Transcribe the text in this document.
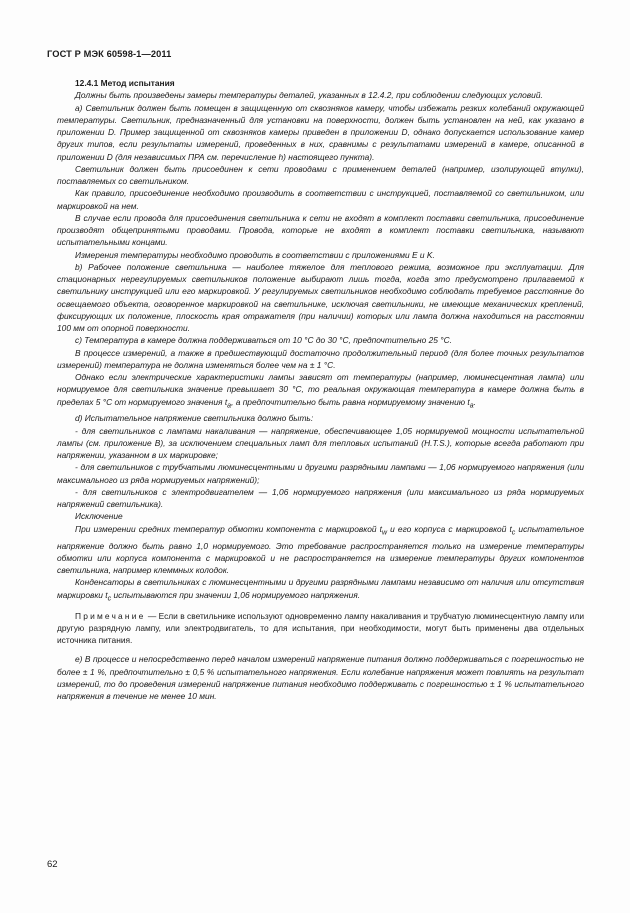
ГОСТ Р МЭК 60598-1—2011

12.4.1 Метод испытания

Должны быть произведены замеры температуры деталей, указанных в 12.4.2, при соблюдении следующих условий.

a) Светильник должен быть помещен в защищенную от сквозняков камеру, чтобы избежать резких колебаний окружающей температуры. Светильник, предназначенный для установки на поверхности, должен быть установлен на ней, как указано в приложении D. Пример защищенной от сквозняков камеры приведен в приложении D, однако допускается использование камер других типов, если результаты измерений, проведенных в них, сравнимы с результатами измерений в камере, описанной в приложении D (для независимых ПРА см. перечисление h) настоящего пункта).

Светильник должен быть присоединен к сети проводами с применением деталей (например, изолирующей втулки), поставляемых со светильником.

Как правило, присоединение необходимо производить в соответствии с инструкцией, поставляемой со светильником, или маркировкой на нем.

В случае если провода для присоединения светильника к сети не входят в комплект поставки светильника, присоединение производят общепринятыми проводами. Провода, которые не входят в комплект поставки светильника, называют испытательными концами.

Измерения температуры необходимо проводить в соответствии с приложениями E и K.

b) Рабочее положение светильника — наиболее тяжелое для теплового режима, возможное при эксплуатации. Для стационарных нерегулируемых светильников положение выбирают лишь тогда, когда это предусмотрено прилагаемой к светильнику инструкцией или его маркировкой. У регулируемых светильников необходимо соблюдать требуемое расстояние до освещаемого объекта, оговоренное маркировкой на светильнике, исключая светильники, не имеющие механических креплений, фиксирующих их положение, плоскость края отражателя (при наличии) которых или лампа должна находиться на расстоянии 100 мм от опорной поверхности.

c) Температура в камере должна поддерживаться от 10 °С до 30 °С, предпочтительно 25 °С.

В процессе измерений, а также в предшествующий достаточно продолжительный период (для более точных результатов измерений) температура не должна изменяться более чем на ± 1 °С.

Однако если электрические характеристики лампы зависят от температуры (например, люминесцентная лампа) или нормируемое для светильника значение превышает 30 °С, то реальная окружающая температура в камере должна быть в пределах 5 °С от нормируемого значения $t_а$, а предпочтительно быть равна нормируемому значению $t_а$.

d) Испытательное напряжение светильника должно быть:

- для светильников с лампами накаливания — напряжение, обеспечивающее 1,05 нормируемой мощности испытательной лампы (см. приложение B), за исключением специальных ламп для тепловых испытаний (H.T.S.), которые всегда работают при напряжении, указанном в их маркировке;

- для светильников с трубчатыми люминесцентными и другими разрядными лампами — 1,06 нормируемого напряжения (или максимального из ряда нормируемых напряжений);

- для светильников с электродвигателем — 1,06 нормируемого напряжения (или максимального из ряда нормируемых напряжений светильника).

Исключение

При измерении средних температур обмотки компонента с маркировкой $t_w$ и его корпуса с маркировкой $t_c$ испытательное напряжение должно быть равно 1,0 нормируемого. Это требование распространяется только на измерение температуры обмотки или корпуса компонента с маркировкой и не распространяется на измерение температуры других компонентов светильника, например клеммных колодок.

Конденсаторы в светильниках с люминесцентными и другими разрядными лампами независимо от наличия или отсутствия маркировки $t_c$ испытываются при значении 1,06 нормируемого напряжения.

Примечание — Если в светильнике используют одновременно лампу накаливания и трубчатую люминесцентную лампу или другую разрядную лампу, или электродвигатель, то для испытания, при необходимости, могут быть применены два отдельных источника питания.

e) В процессе и непосредственно перед началом измерений напряжение питания должно поддерживаться с погрешностью не более ± 1 %, предпочтительно ± 0,5 % испытательного напряжения. Если колебание напряжения может повлиять на результат измерений, то до проведения измерений напряжение питания необходимо поддерживать с погрешностью ± 1 % испытательного напряжения в течение не менее 10 мин.

62
